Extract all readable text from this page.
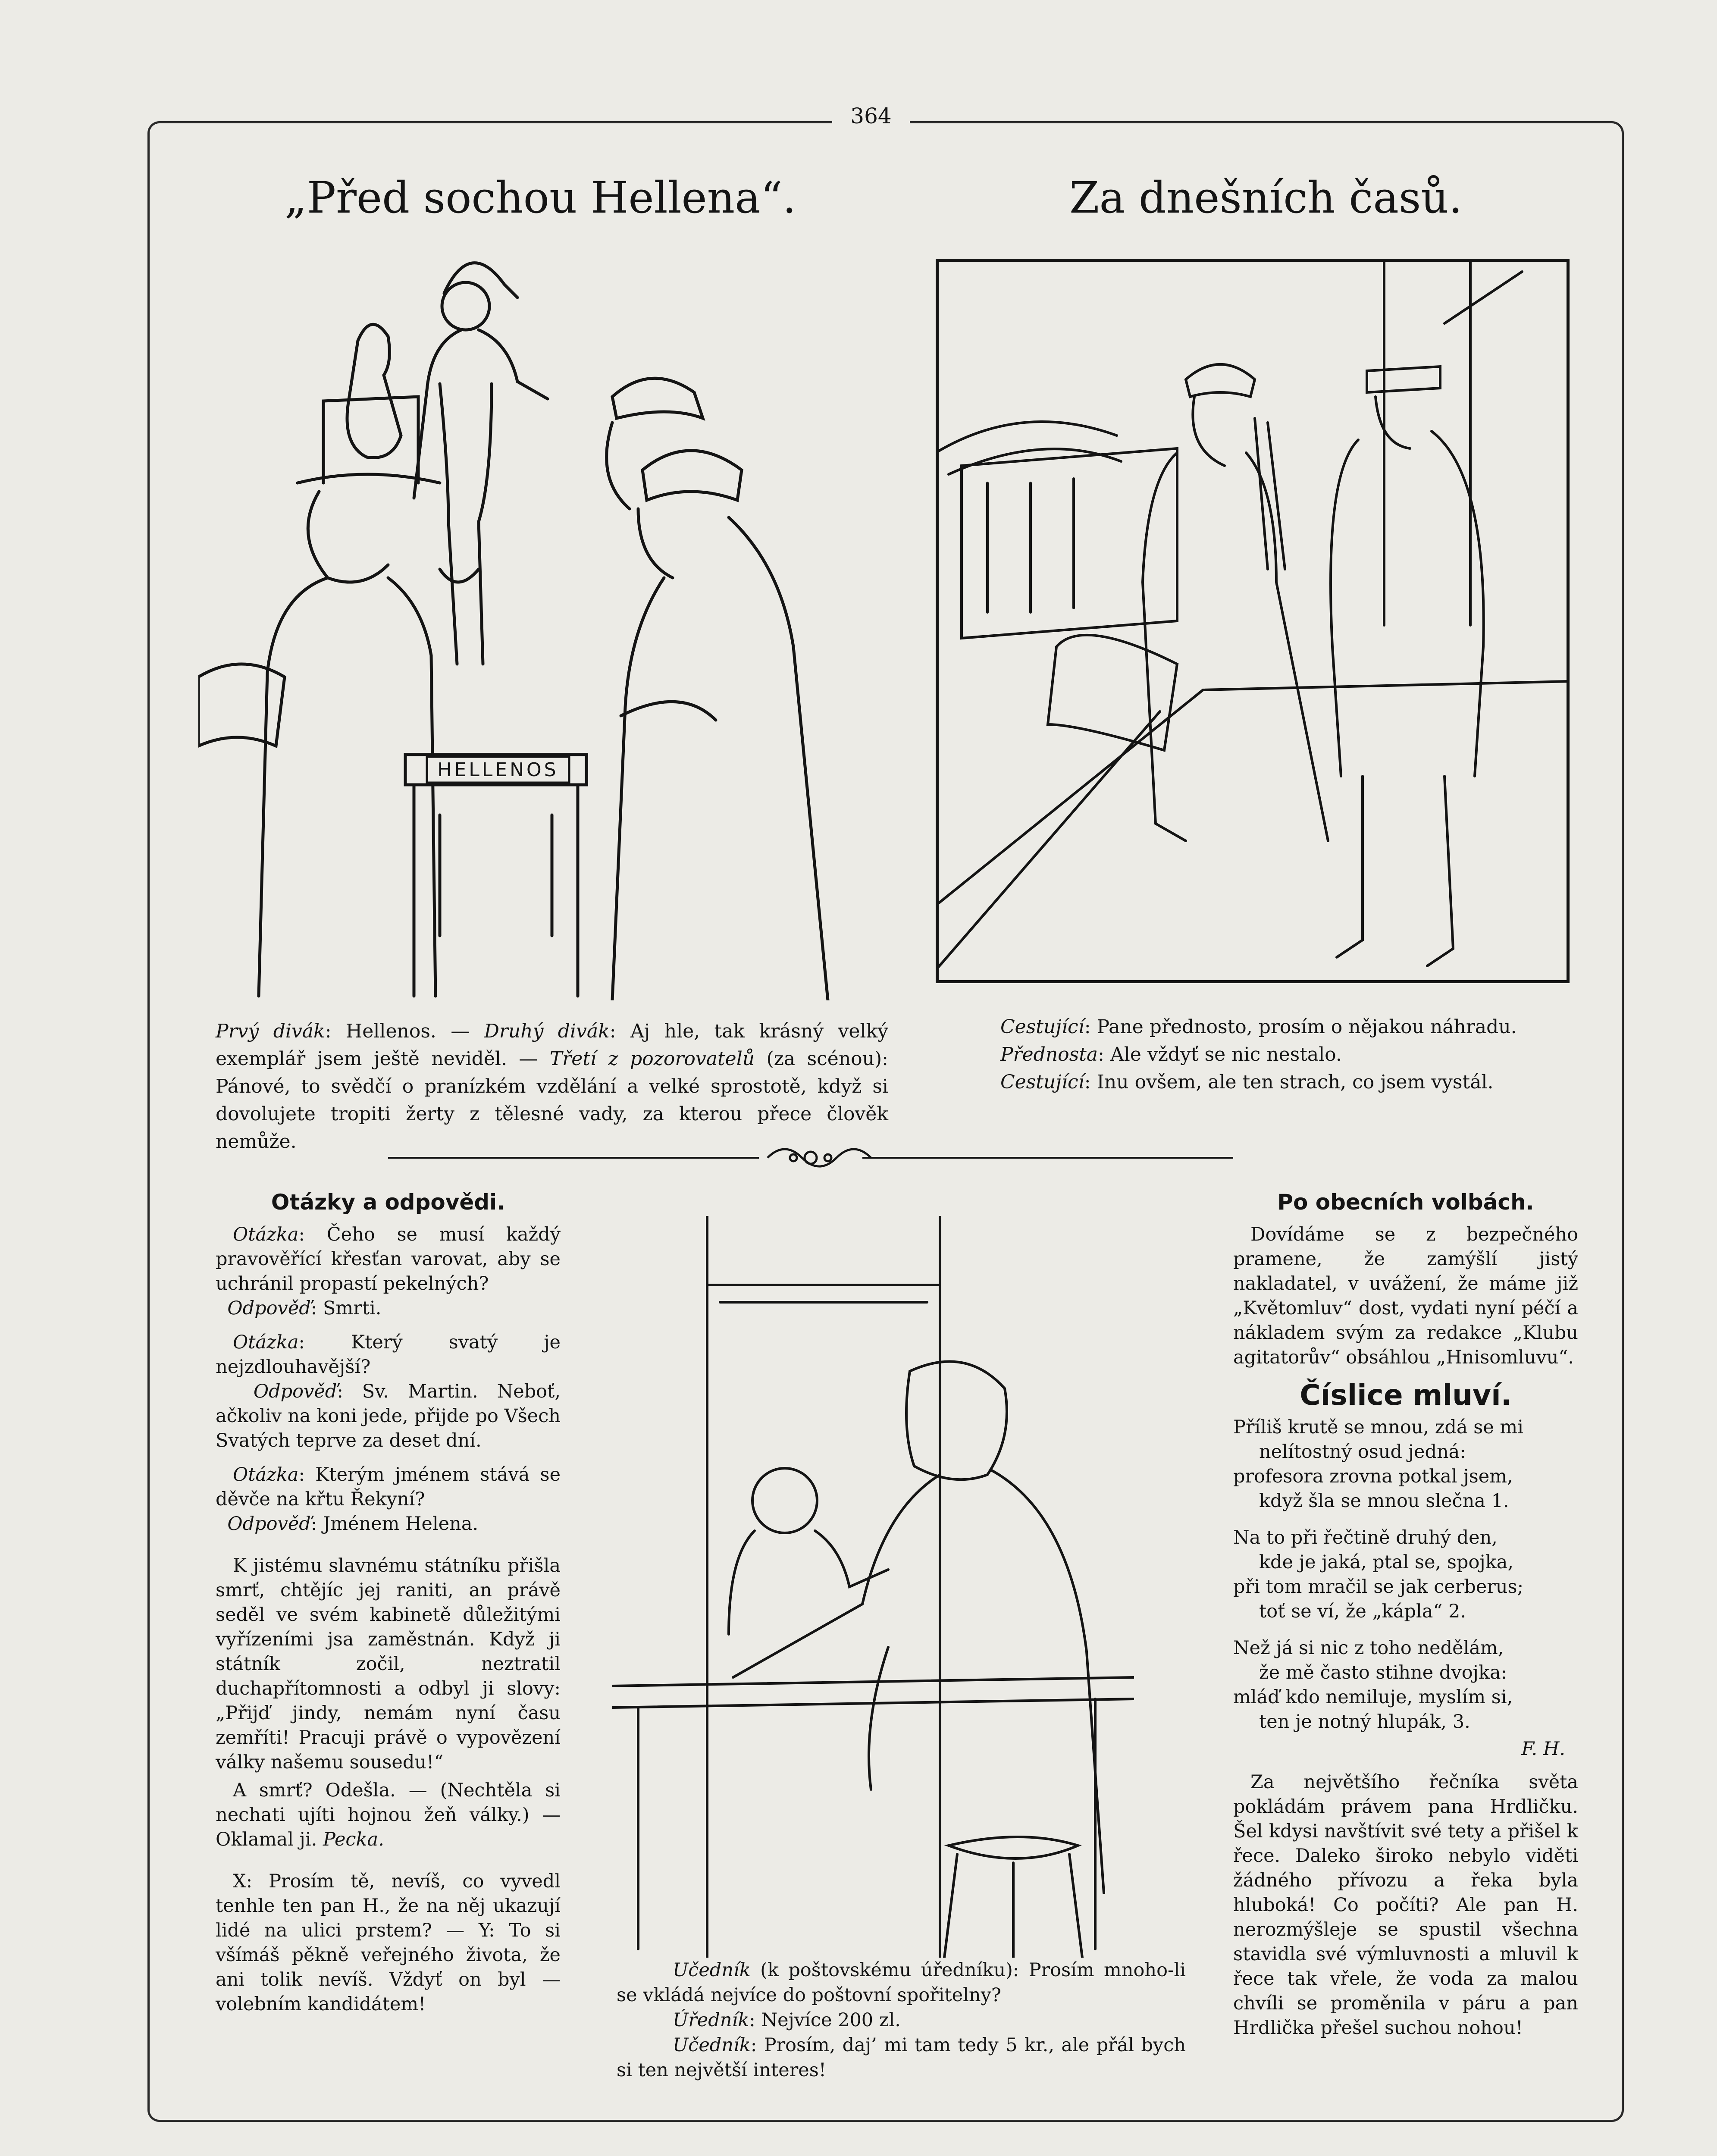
364
„Před sochou Hellena“.
HELLENOS

Prvý divák: Hellenos. — Druhý divák: Aj hle, tak krásný velký exemplář jsem ještě neviděl. — Třetí z pozorovatelů (za scénou): Pánové, to svědčí o pranízkém vzdělání a velké sprostotě, když si dovolujete tropiti žerty z tělesné vady, za kterou přece člověk nemůže.

Za dnešních časů.

Cestující: Pane přednosto, prosím o nějakou náhradu.

Přednosta: Ale vždyť se nic nestalo.

Cestující: Inu ovšem, ale ten strach, co jsem vystál.

Otázky a odpovědi.

Otázka: Čeho se musí každý pravověřící křesťan varovat, aby se uchránil propastí pekelných?
Odpověď: Smrti.

Otázka: Který svatý je nejzdlouhavější?
Odpověď: Sv. Martin. Neboť, ačkoliv na koni jede, přijde po Všech Svatých teprve za deset dní.

Otázka: Kterým jménem stává se děvče na křtu Řekyní?
Odpověď: Jménem Helena.

K jistému slavnému státníku přišla smrť, chtějíc jej raniti, an právě seděl ve svém kabinetě důležitými vyřízeními jsa zaměstnán. Když ji státník zočil, neztratil duchapřítomnosti a odbyl ji slovy: „Přijď jindy, nemám nyní času zemříti! Pracuji právě o vypovězení války našemu sousedu!“

A smrť? Odešla. — (Nechtěla si nechati ujíti hojnou žeň války.) — Oklamal ji. Pecka.

X: Prosím tě, nevíš, co vyvedl tenhle ten pan H., že na něj ukazují lidé na ulici prstem? — Y: To si všímáš pěkně veřejného života, že ani tolik nevíš. Vždyť on byl — volebním kandidátem!

Učedník (k poštovskému úředníku): Prosím mnoho-li se vkládá nejvíce do poštovní spořitelny?

Úředník: Nejvíce 200 zl.

Učedník: Prosím, daj’ mi tam tedy 5 kr., ale přál bych si ten největší interes!

Po obecních volbách.

Dovídáme se z bezpečného pramene, že zamýšlí jistý nakladatel, v uvážení, že máme již „Květomluv“ dost, vydati nyní péčí a nákladem svým za redakce „Klubu agitatorův“ obsáhlou „Hnisomluvu“.

Číslice mluví.

Příliš krutě se mnou, zdá se mi
nelítostný osud jedná:
profesora zrovna potkal jsem,
když šla se mnou slečna 1.

Na to při řečtině druhý den,
kde je jaká, ptal se, spojka,
při tom mračil se jak cerberus;
toť se ví, že „kápla“ 2.

Než já si nic z toho nedělám,
že mě často stihne dvojka:
mláď kdo nemiluje, myslím si,
ten je notný hlupák, 3.

F. H.

Za největšího řečníka světa pokládám právem pana Hrdličku. Šel kdysi navštívit své tety a přišel k řece. Daleko široko nebylo viděti žádného přívozu a řeka byla hluboká! Co počíti? Ale pan H. nerozmýšleje se spustil všechna stavidla své výmluvnosti a mluvil k řece tak vřele, že voda za malou chvíli se proměnila v páru a pan Hrdlička přešel suchou nohou!
